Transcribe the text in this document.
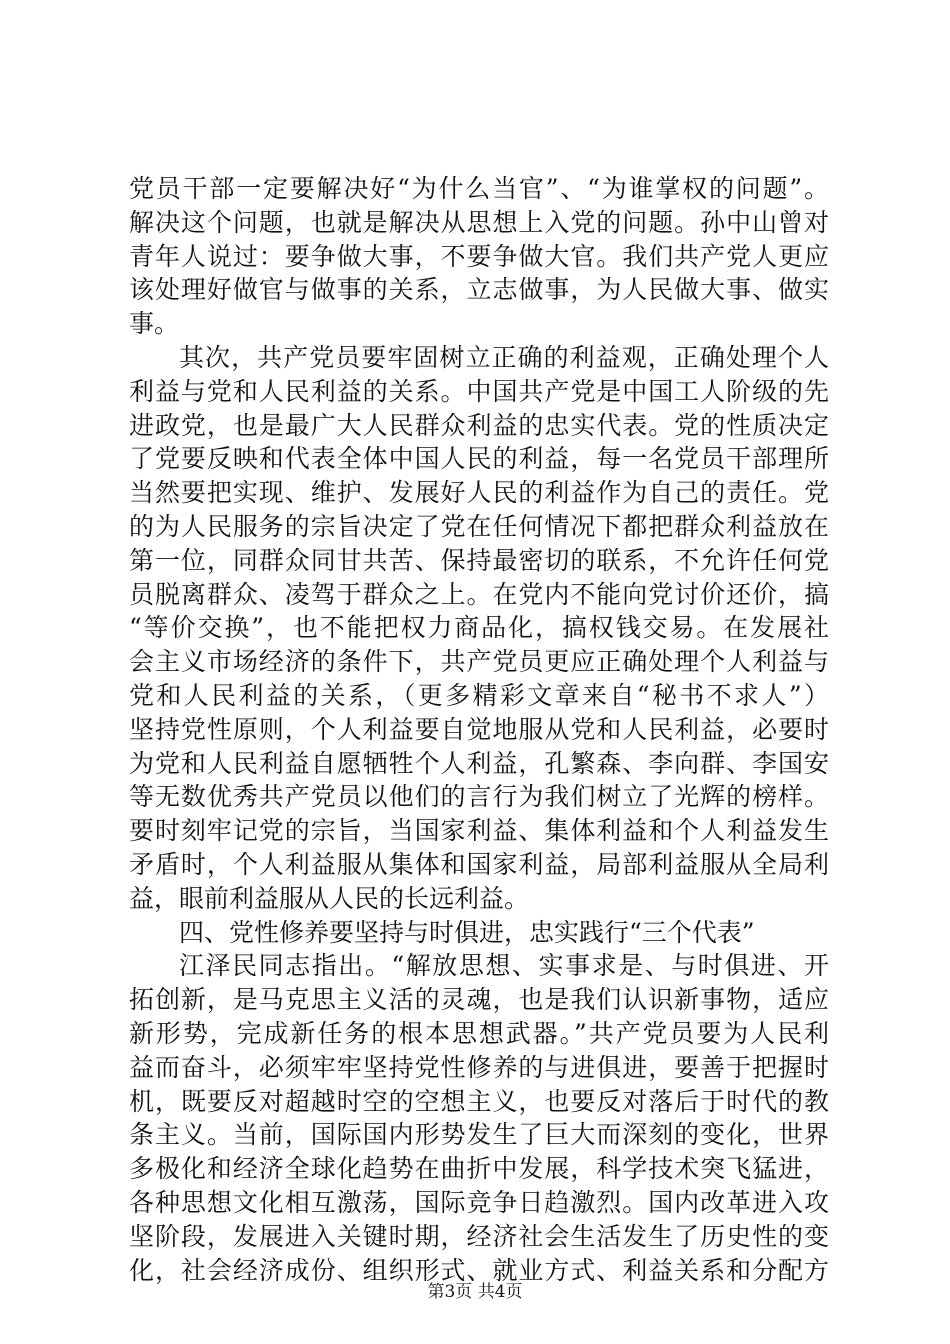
党员干部一定要解决好“为什么当官”、“为谁掌权的问题”。
解决这个问题，也就是解决从思想上入党的问题。孙中山曾对
青年人说过：要争做大事，不要争做大官。我们共产党人更应
该处理好做官与做事的关系，立志做事，为人民做大事、做实
事。
其次，共产党员要牢固树立正确的利益观，正确处理个人
利益与党和人民利益的关系。中国共产党是中国工人阶级的先
进政党，也是最广大人民群众利益的忠实代表。党的性质决定
了党要反映和代表全体中国人民的利益，每一名党员干部理所
当然要把实现、维护、发展好人民的利益作为自己的责任。党
的为人民服务的宗旨决定了党在任何情况下都把群众利益放在
第一位，同群众同甘共苦、保持最密切的联系，不允许任何党
员脱离群众、凌驾于群众之上。在党内不能向党讨价还价，搞
“等价交换”，也不能把权力商品化，搞权钱交易。在发展社
会主义市场经济的条件下，共产党员更应正确处理个人利益与
党和人民利益的关系，（更多精彩文章来自“秘书不求人”）
坚持党性原则，个人利益要自觉地服从党和人民利益，必要时
为党和人民利益自愿牺牲个人利益，孔繁森、李向群、李国安
等无数优秀共产党员以他们的言行为我们树立了光辉的榜样。
要时刻牢记党的宗旨，当国家利益、集体利益和个人利益发生
矛盾时，个人利益服从集体和国家利益，局部利益服从全局利
益，眼前利益服从人民的长远利益。
四、党性修养要坚持与时俱进，忠实践行“三个代表”
江泽民同志指出。“解放思想、实事求是、与时俱进、开
拓创新，是马克思主义活的灵魂，也是我们认识新事物，适应
新形势，完成新任务的根本思想武器。”共产党员要为人民利
益而奋斗，必须牢牢坚持党性修养的与进俱进，要善于把握时
机，既要反对超越时空的空想主义，也要反对落后于时代的教
条主义。当前，国际国内形势发生了巨大而深刻的变化，世界
多极化和经济全球化趋势在曲折中发展，科学技术突飞猛进，
各种思想文化相互激荡，国际竞争日趋激烈。国内改革进入攻
坚阶段，发展进入关键时期，经济社会生活发生了历史性的变
化，社会经济成份、组织形式、就业方式、利益关系和分配方
第3页 共4页
